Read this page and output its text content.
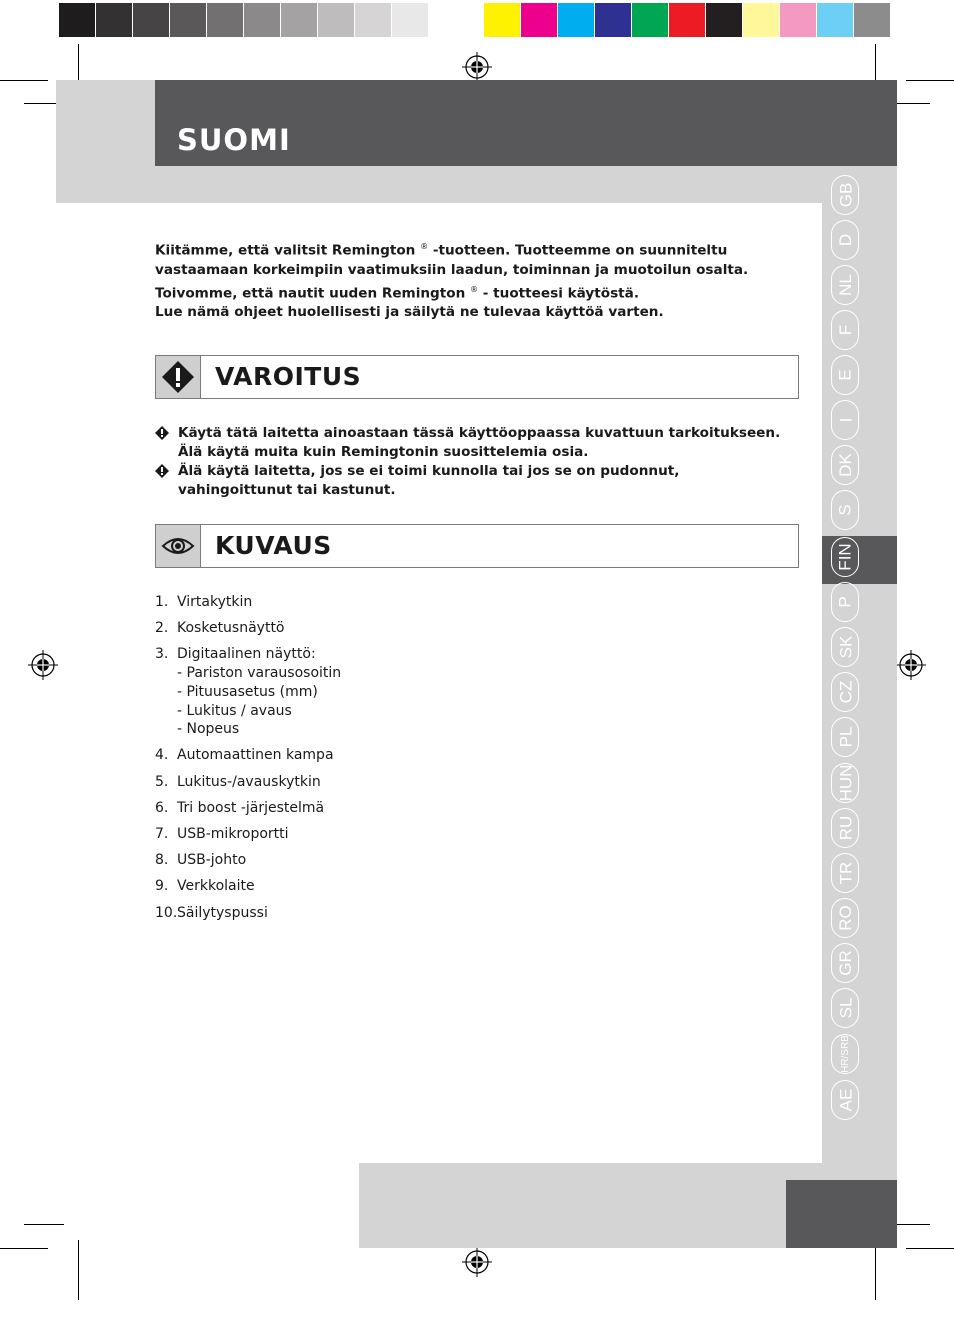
SUOMI
Kiitämme, että valitsit Remington ® -tuotteen. Tuotteemme on suunniteltu vastaamaan korkeimpiin vaatimuksiin laadun, toiminnan ja muotoilun osalta.
Toivomme, että nautit uuden Remington ® - tuotteesi käytöstä.
Lue nämä ohjeet huolellisesti ja säilytä ne tulevaa käyttöä varten.
VAROITUS
Käytä tätä laitetta ainoastaan tässä käyttöoppaassa kuvattuun tarkoitukseen. Älä käytä muita kuin Remingtonin suosittelemia osia.
Älä käytä laitetta, jos se ei toimi kunnolla tai jos se on pudonnut, vahingoittunut tai kastunut.
KUVAUS
1. Virtakytkin
2. Kosketusnäyttö
3. Digitaalinen näyttö:
- Pariston varausosoitin
- Pituusasetus (mm)
- Lukitus / avaus
- Nopeus
4. Automaattinen kampa
5. Lukitus-/avauskytkin
6. Tri boost -järjestelmä
7. USB-mikroportti
8. USB-johto
9. Verkkolaite
10. Säilytyspussi
GB
D
NL
F
E
I
DK
S
FIN
P
SK
CZ
PL
HUN
RU
TR
RO
GR
SL
HR/SRB
AE
